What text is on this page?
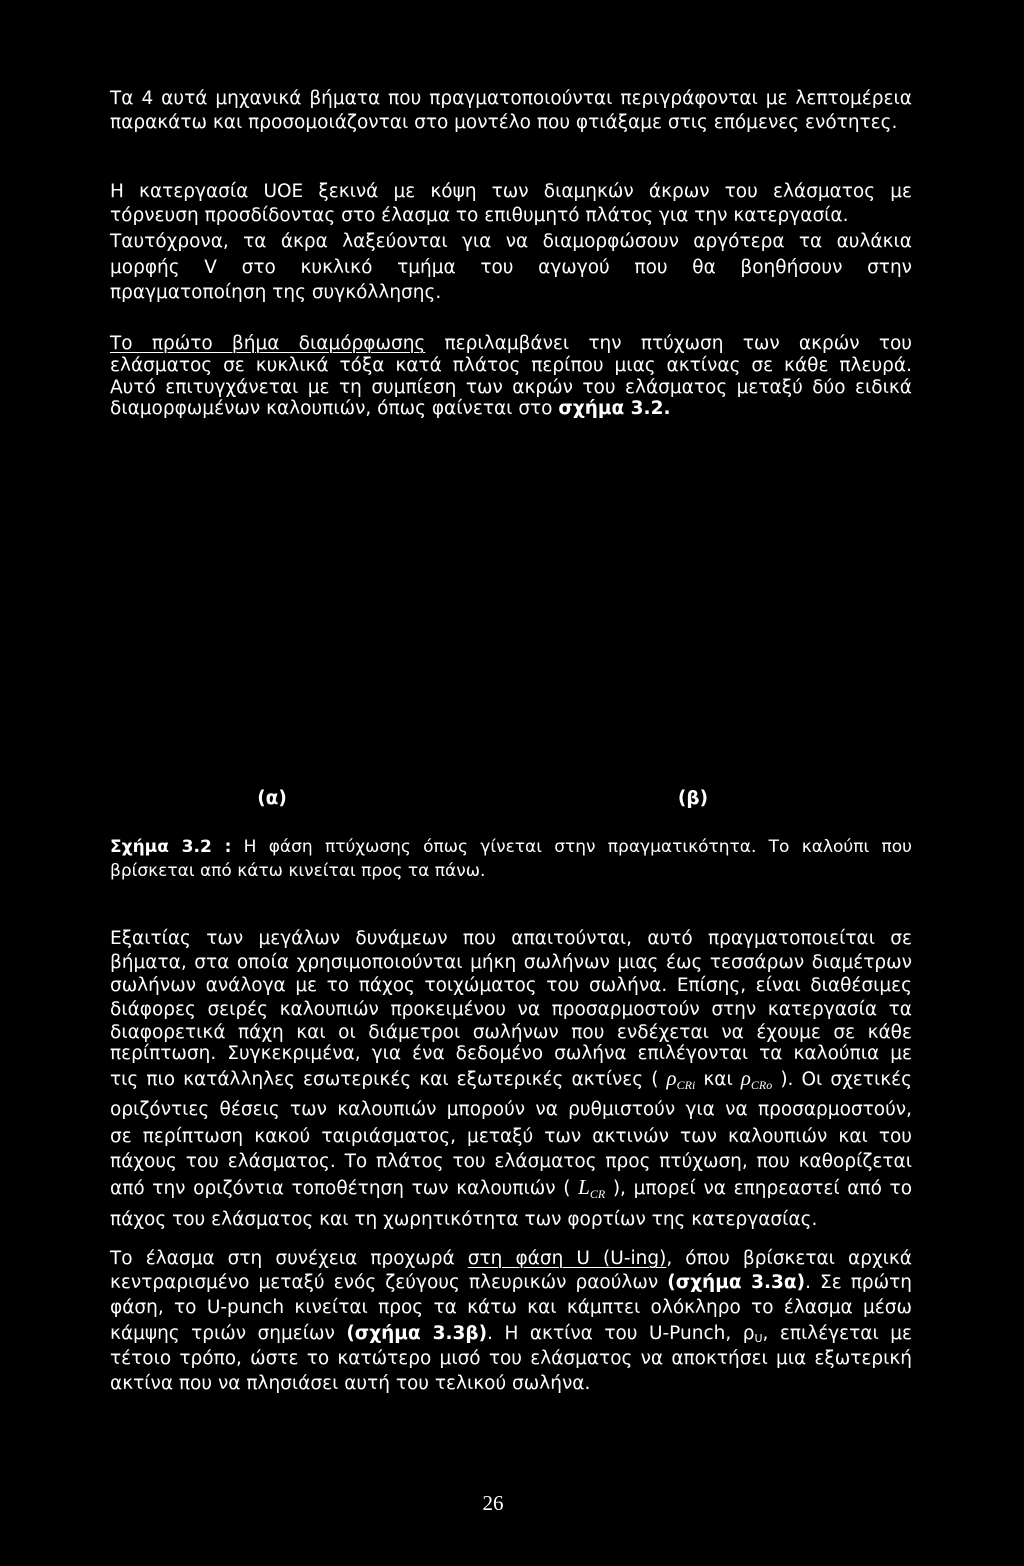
Τα 4 αυτά μηχανικά βήματα που πραγματοποιούνται περιγράφονται με λεπτομέρεια
παρακάτω και προσομοιάζονται στο μοντέλο που φτιάξαμε στις επόμενες ενότητες.
Η κατεργασία UOE ξεκινά με κόψη των διαμηκών άκρων του ελάσματος με
τόρνευση προσδίδοντας στο έλασμα το επιθυμητό πλάτος για την κατεργασία.
Ταυτόχρονα, τα άκρα λαξεύονται για να διαμορφώσουν αργότερα τα αυλάκια
μορφής V στο κυκλικό τμήμα του αγωγού που θα βοηθήσουν στην
πραγματοποίηση της συγκόλλησης.
Το πρώτο βήμα διαμόρφωσης περιλαμβάνει την πτύχωση των ακρών του
ελάσματος σε κυκλικά τόξα κατά πλάτος περίπου μιας ακτίνας σε κάθε πλευρά.
Αυτό επιτυγχάνεται με τη συμπίεση των ακρών του ελάσματος μεταξύ δύο ειδικά
διαμορφωμένων καλουπιών, όπως φαίνεται στο σχήμα 3.2.
(α)	(β)
Σχήμα 3.2 : Η φάση πτύχωσης όπως γίνεται στην πραγματικότητα. Το καλούπι που
βρίσκεται από κάτω κινείται προς τα πάνω.
Εξαιτίας των μεγάλων δυνάμεων που απαιτούνται, αυτό πραγματοποιείται σε
βήματα, στα οποία χρησιμοποιούνται μήκη σωλήνων μιας έως τεσσάρων διαμέτρων
σωλήνων ανάλογα με το πάχος τοιχώματος του σωλήνα. Επίσης, είναι διαθέσιμες
διάφορες σειρές καλουπιών προκειμένου να προσαρμοστούν στην κατεργασία τα
διαφορετικά πάχη και οι διάμετροι σωλήνων που ενδέχεται να έχουμε σε κάθε
περίπτωση. Συγκεκριμένα, για ένα δεδομένο σωλήνα επιλέγονται τα καλούπια με
τις πιο κατάλληλες εσωτερικές και εξωτερικές ακτίνες ( $\rho_{CRi}$ και $\rho_{CRo}$ ). Οι σχετικές
οριζόντιες θέσεις των καλουπιών μπορούν να ρυθμιστούν για να προσαρμοστούν,
σε περίπτωση κακού ταιριάσματος, μεταξύ των ακτινών των καλουπιών και του
πάχους του ελάσματος. Το πλάτος του ελάσματος προς πτύχωση, που καθορίζεται
από την οριζόντια τοποθέτηση των καλουπιών ( $L_{CR}$ ), μπορεί να επηρεαστεί από το
πάχος του ελάσματος και τη χωρητικότητα των φορτίων της κατεργασίας.
Το έλασμα στη συνέχεια προχωρά στη φάση U (U-ing), όπου βρίσκεται αρχικά
κεντραρισμένο μεταξύ ενός ζεύγους πλευρικών ραούλων (σχήμα 3.3α). Σε πρώτη
φάση, το U-punch κινείται προς τα κάτω και κάμπτει ολόκληρο το έλασμα μέσω
κάμψης τριών σημείων (σχήμα 3.3β). Η ακτίνα του U-Punch, ρU, επιλέγεται με
τέτοιο τρόπο, ώστε το κατώτερο μισό του ελάσματος να αποκτήσει μια εξωτερική
ακτίνα που να πλησιάσει αυτή του τελικού σωλήνα.
26
